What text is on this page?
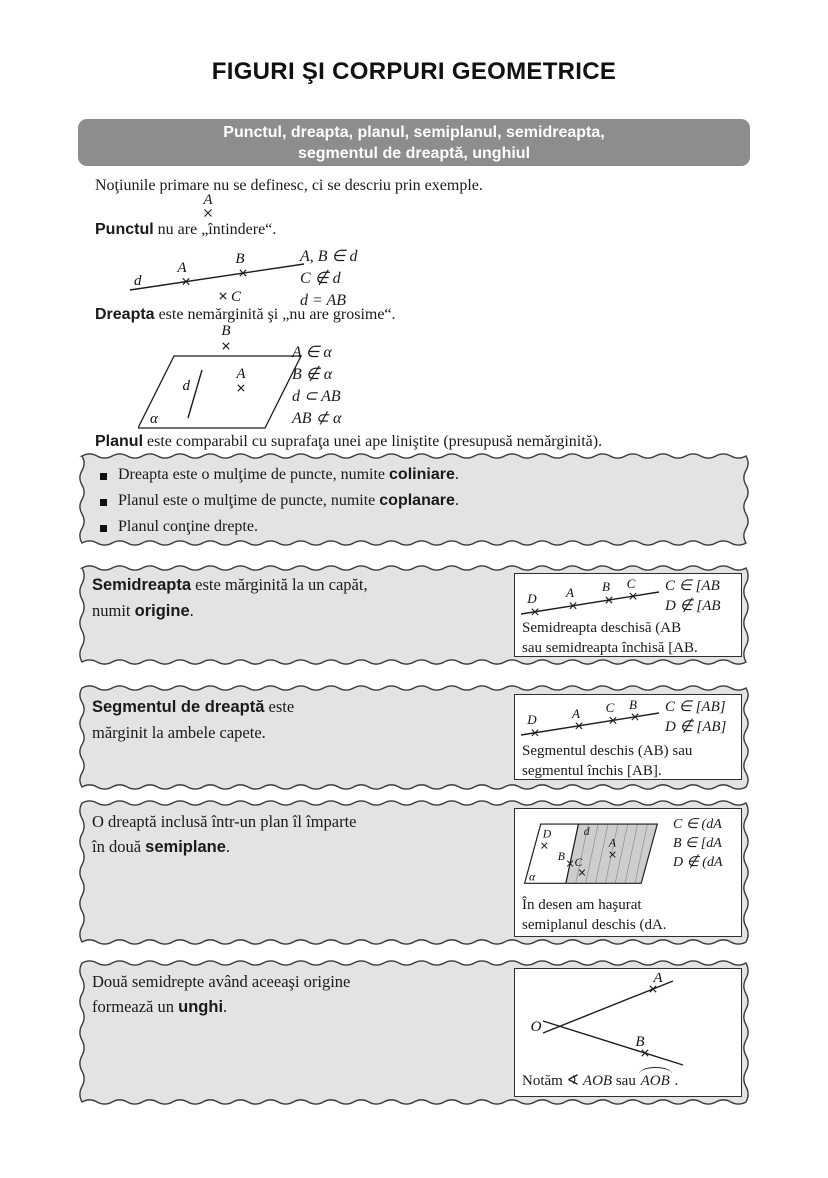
FIGURI ŞI CORPURI GEOMETRICE
Punctul, dreapta, planul, semiplanul, semidreapta,
segmentul de dreaptă, unghiul
Noţiunile primare nu se definesc, ci se descriu prin exemple.
A
Punctul nu are „întindere“.
d
A
B
C
A, B ∈ d
C ∉ d
d = AB
Dreapta este nemărginită şi „nu are grosime“.
B
d
A
α
A ∈ α
B ∉ α
d ⊂ AB
AB ⊄ α
Planul este comparabil cu suprafaţa unei ape liniştite (presupusă nemărginită).
Dreapta este o mulţime de puncte, numite coliniare.
Planul este o mulţime de puncte, numite coplanare.
Planul conţine drepte.
Semidreapta este mărginită la un capăt,
numit origine.
D A B C C ∈ [AB
D ∉ [AB
Semidreapta deschisă (AB
sau semidreapta închisă [AB.
Segmentul de dreaptă este
mărginit la ambele capete.
D	A C B C ∈ [AB]
D ∉ [AB]
Segmentul deschis (AB) sau
segmentul închis [AB].
O dreaptă inclusă într-un plan îl împarte
în două semiplane.
D	d
B C
A
α
C ∈ (dA
B ∈ [dA
D ∉ (dA
În desen am haşurat
semiplanul deschis (dA.
Două semidrepte având aceeaşi origine
formează un unghi.
O
A
B
Notăm ∢ AOB sau AOB .
